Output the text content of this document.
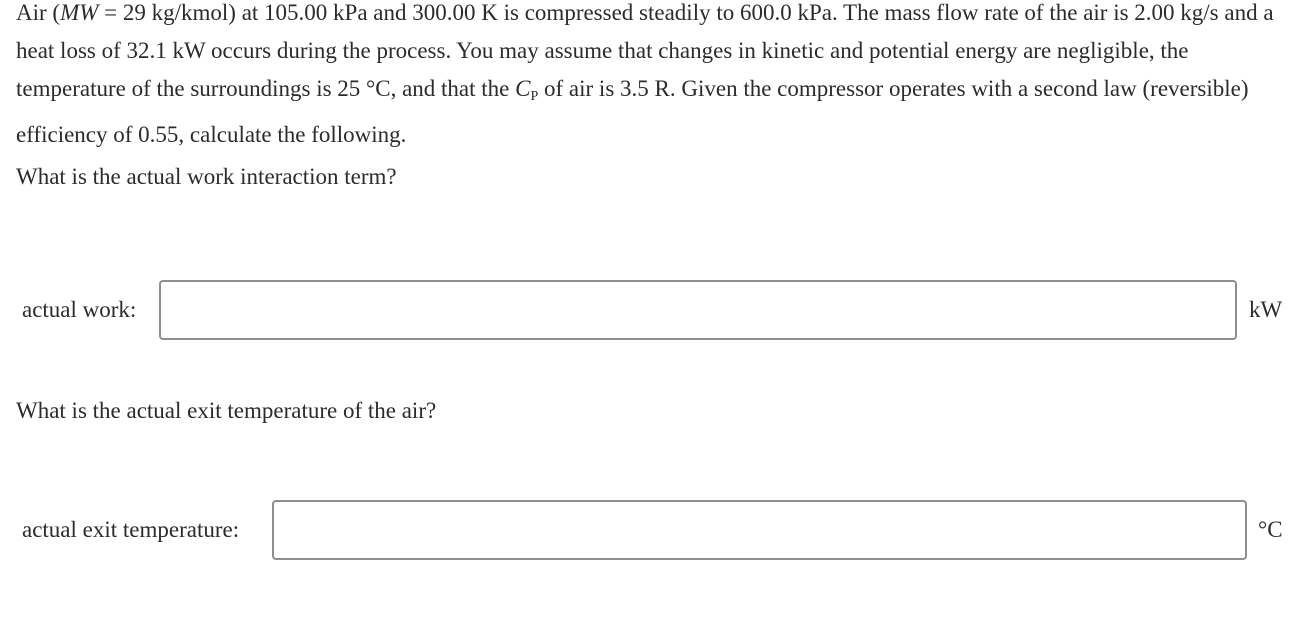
Air (MW = 29 kg/kmol) at 105.00 kPa and 300.00 K is compressed steadily to 600.0 kPa. The mass flow rate of the air is 2.00 kg/s and a heat loss of 32.1 kW occurs during the process. You may assume that changes in kinetic and potential energy are negligible, the temperature of the surroundings is 25 °C, and that the $C_P$ of air is 3.5 R. Given the compressor operates with a second law (reversible) efficiency of 0.55, calculate the following.

What is the actual work interaction term?

actual work:	kW

What is the actual exit temperature of the air?

actual exit temperature:	°C
